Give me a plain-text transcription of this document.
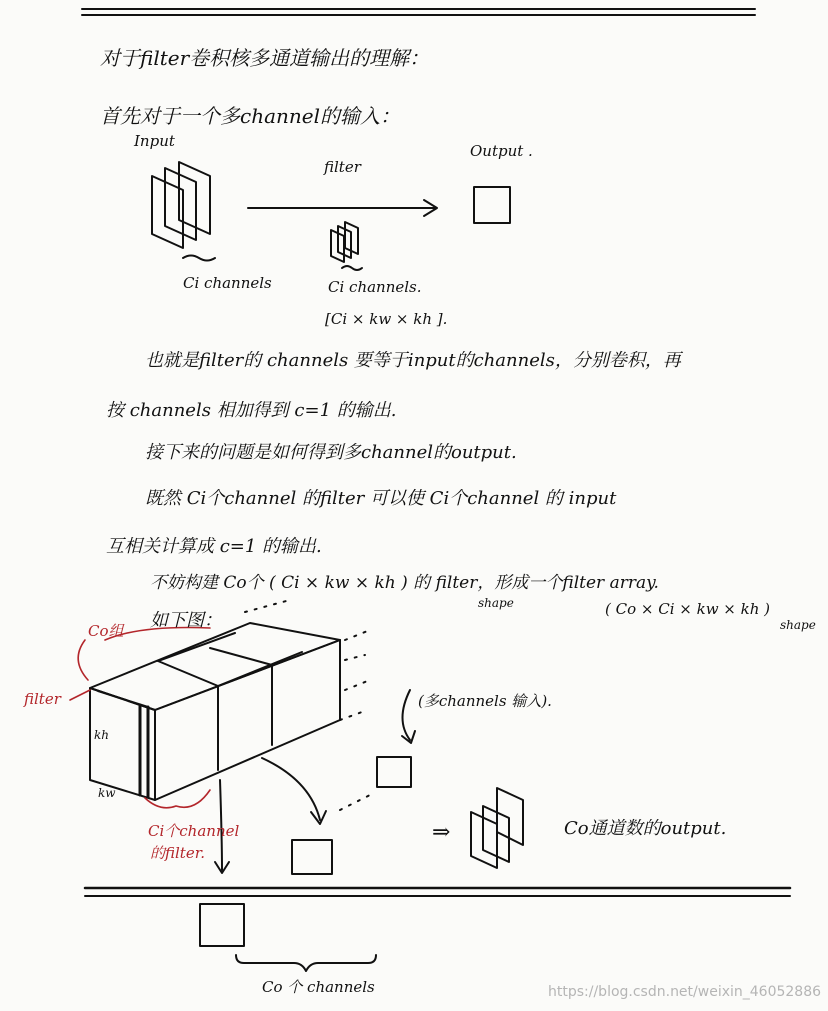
对于filter卷积核多通道输出的理解：
首先对于一个多channel的输入：
Input
Output .
filter
Ci channels	Ci channels.
[Ci × kw × kh ].
也就是filter的 channels 要等于input的channels，分别卷积，再
按 channels 相加得到 c=1 的输出.
接下来的问题是如何得到多channel的output.
既然 Ci个channel 的filter 可以使 Ci个channel 的 input
互相关计算成 c=1 的输出.
不妨构建 Co个 ( Ci × kw × kh ) 的 filter，形成一个filter array.
shape	( Co × Ci × kw × kh )
shape
如下图：
Co组
filter
kh
kw
Ci个channel
的filter.
(多channels 输入).
⇒	Co通道数的output.
Co 个 channels	https://blog.csdn.net/weixin_46052886
